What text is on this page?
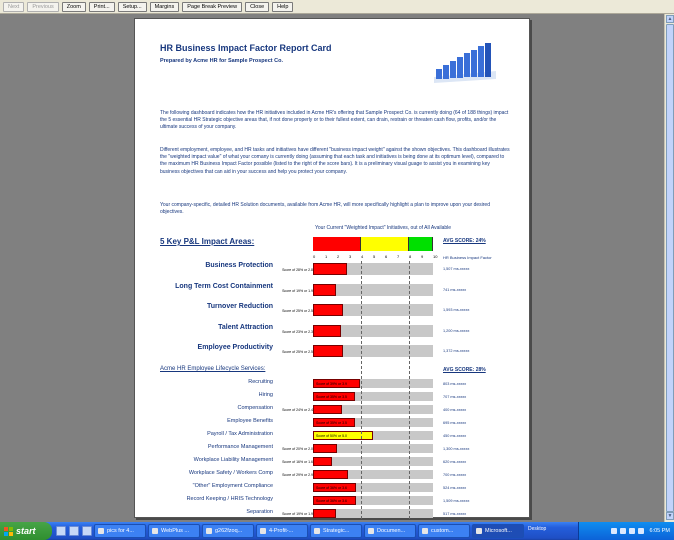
Next	Previous	Zoom	Print...	Setup...	Margins	Page Break Preview	Close	Help
HR Business Impact Factor Report Card
Prepared by Acme HR for Sample Prospect Co.
The following dashboard indicates how the HR initiatives included in Acme HR's offering that Sample Prospect Co. is currently doing (64 of 188 things) impact the 5 essential HR Strategic objective areas that, if not done properly or to their fullest extent, can drain, restrain or threaten cash flow, profits, and/or the ultimate success of your company.
Different employment, employee, and HR tasks and initiatives have different "business impact weight" against the shown objectives. This dashboard illustrates the "weighted impact value" of what your comany is currently doing (assuming that each task and initiatives is being done at its optimum level), compared to the maximum HR Business Impact Factor possible (listed to the right of the score bars). It is a preliminary visual guage to assist you in examining key business objectives that can aid in your success and help you protect your company.
Your company-specific, detailed HR Solution documents, available from Acme HR, will more specifically highlight a plan to improve upon your desired objectives.
Your Current "Weighted Impact" Initiatives, out of All Available
5 Key P&L Impact Areas:	AVG SCORE: 24%
HR Business Impact Factor
0 1 2 3 4 5 6 7 8 9 10
Acme HR Employee Lifecycle Services:	AVG SCORE: 28%
Business Protection
Score of 28% or 2.8	1,507 ms-xxxxx
Long Term Cost Containment
Score of 19% or 1.9	741 ms-xxxxx
Turnover Reduction
Score of 25% or 2.5	1,593 ms-xxxxx
Talent Attraction
Score of 23% or 2.3	1,200 ms-xxxxx
Employee Productivity
Score of 25% or 2.5	1,372 ms-xxxxx
Recruiting	Score of 39% or 3.9	803 ms-xxxxx
Hiring	Score of 35% or 3.5	707 ms-xxxxx
Compensation	Score of 24% or 2.4	400 ms-xxxxx
Employee Benefits	Score of 35% or 3.5	695 ms-xxxxx
Payroll / Tax Administration	Score of 50% or 5.0	450 ms-xxxxx
Performance Management	Score of 20% or 2.0	1,300 ms-xxxxx
Workplace Liability Management	Score of 16% or 1.6	620 ms-xxxxx
Workplace Safety / Workers Comp	Score of 29% or 2.9	700 ms-xxxxx
"Other" Employment Compliance	Score of 36% or 3.6	524 ms-xxxxx
Record Keeping / HRIS Technology	Score of 36% or 3.6	1,509 ms-xxxxx
Separation	Score of 19% or 1.9	517 ms-xxxxx
▲
▼
start	pics for 4...	WebPlus ...	g262fzoq...	4-Profit-...	Strategic...	Documen...	custom...	Microsoft...	6:05 PM
Desktop
